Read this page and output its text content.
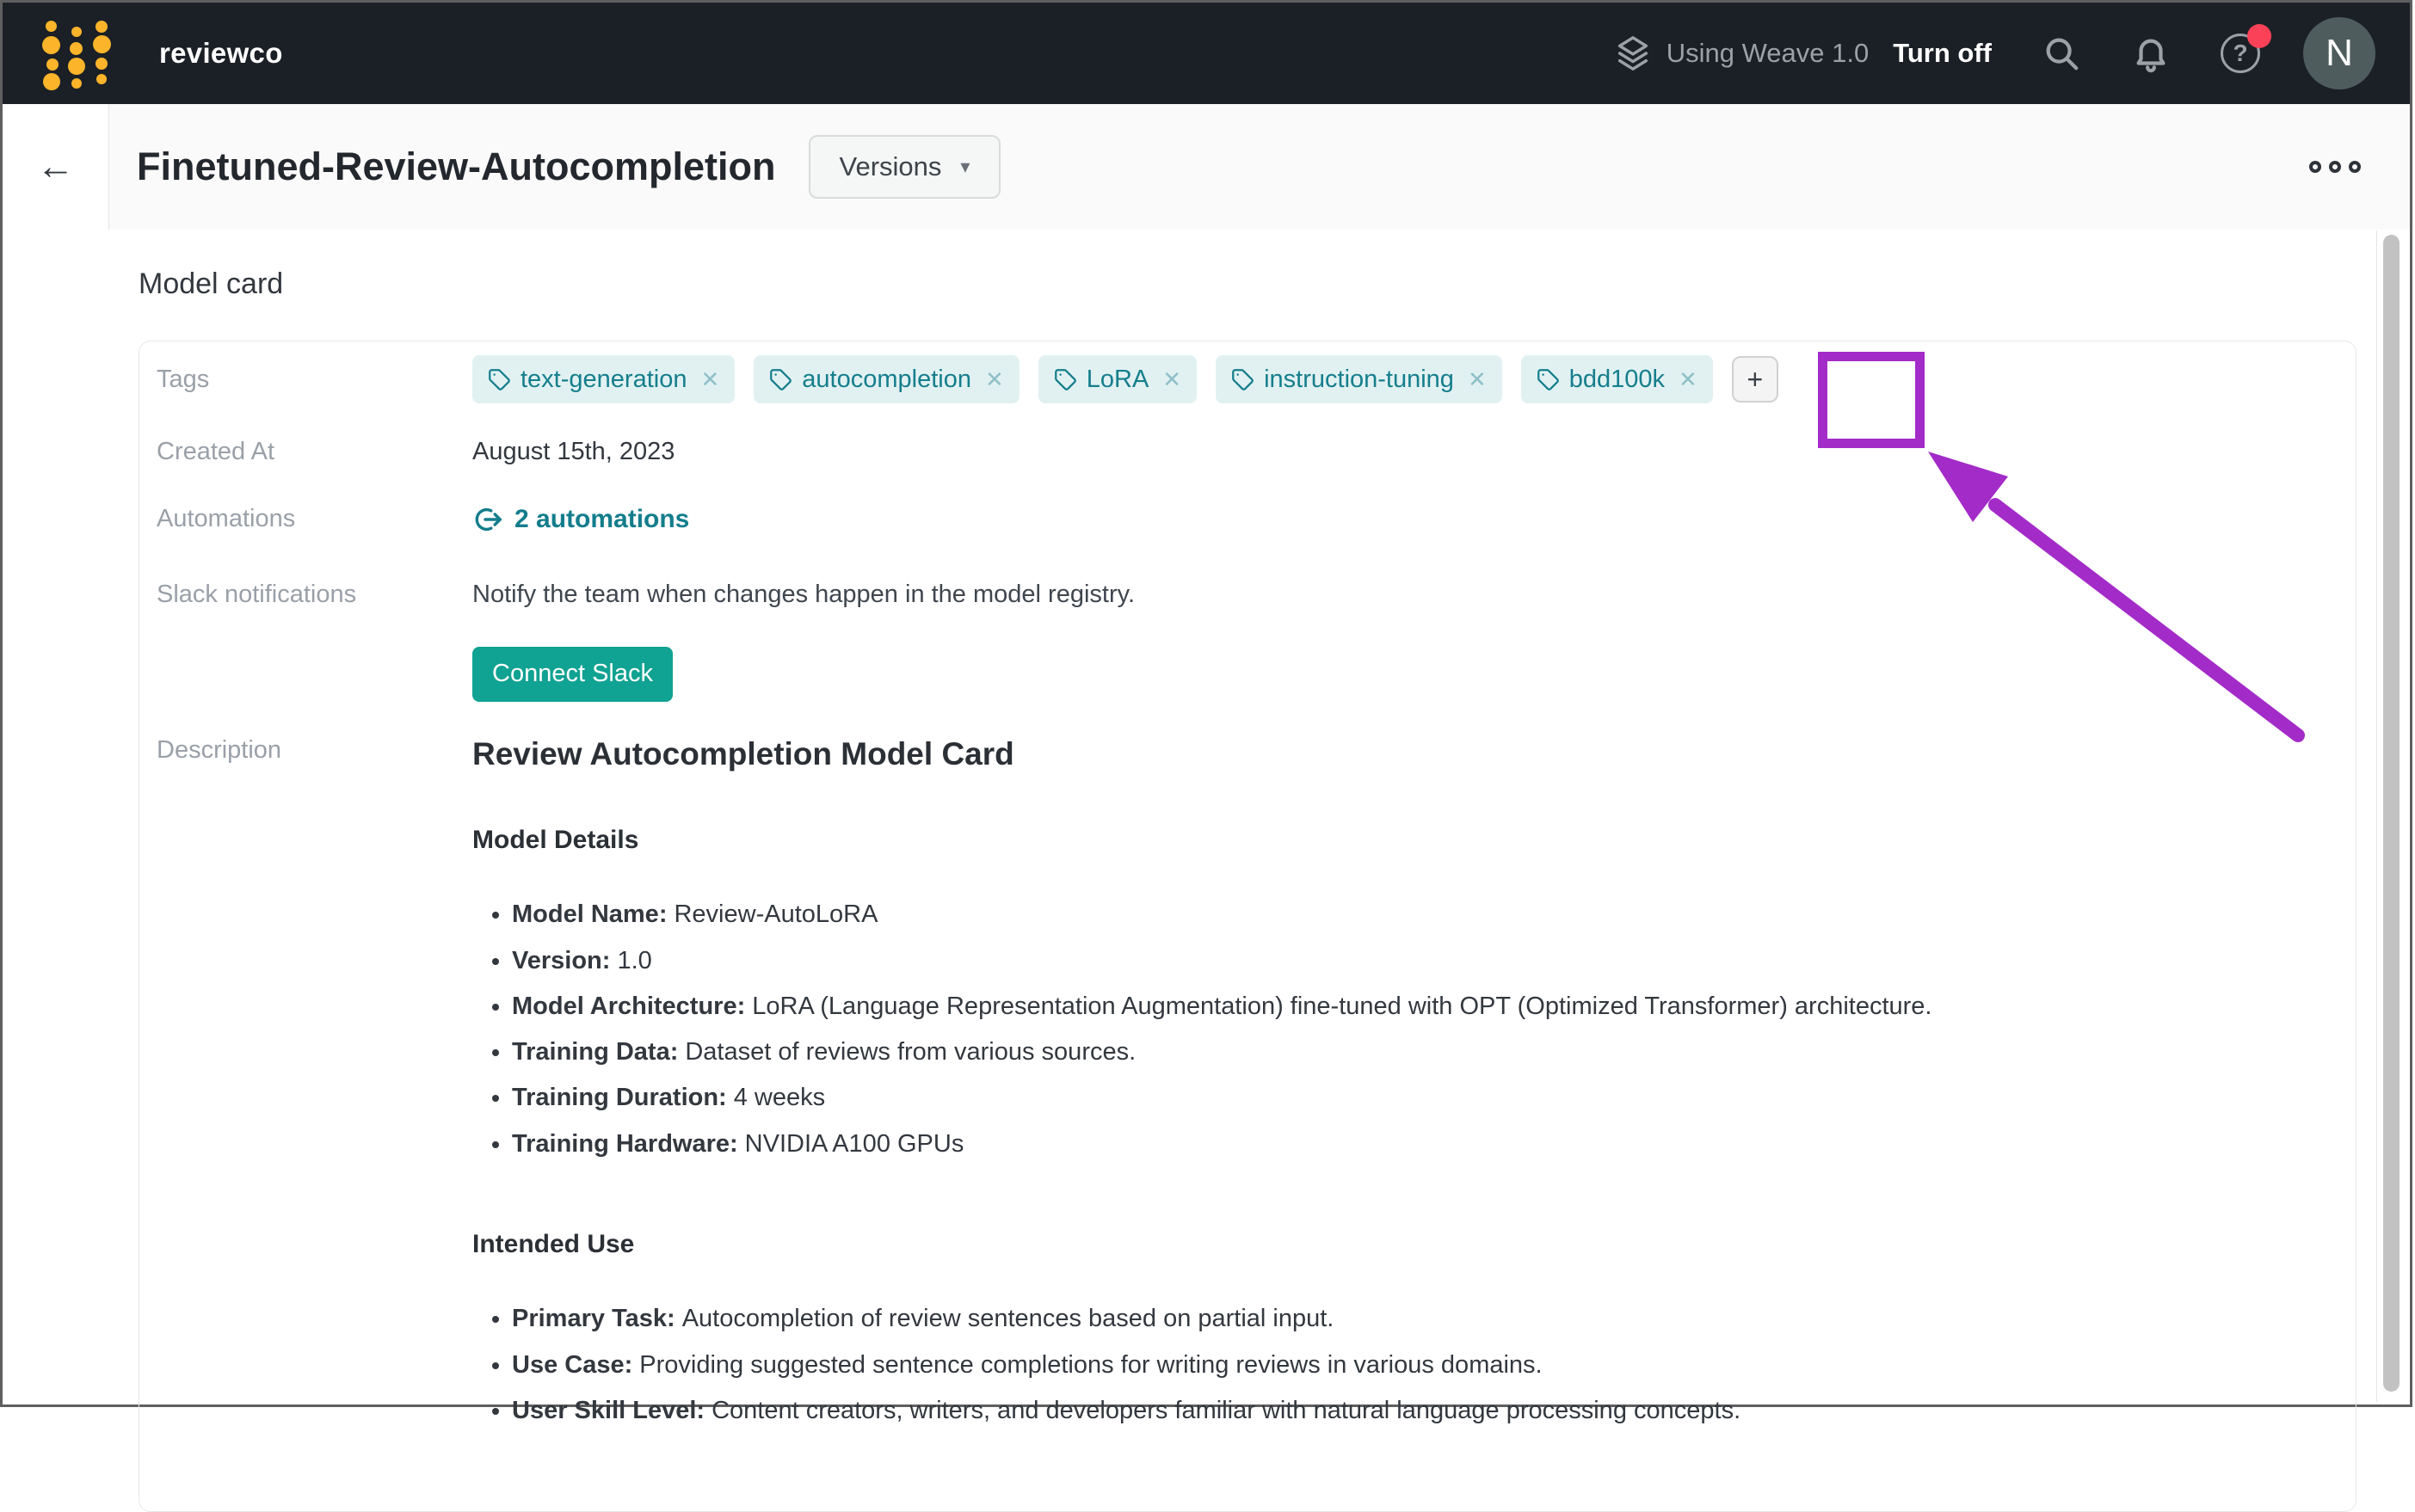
reviewco	Using Weave 1.0 Turn off	?	N
← Finetuned-Review-Autocompletion Versions ▾
Model card
Tags	text-generation ✕	autocompletion ✕	LoRA ✕	instruction-tuning ✕	bdd100k ✕	+
Created At	August 15th, 2023
Automations	2 automations
Slack notifications	Notify the team when changes happen in the model registry.
Connect Slack
Description	Review Autocompletion Model Card
Model Details
• Model Name: Review-AutoLoRA
• Version: 1.0
• Model Architecture: LoRA (Language Representation Augmentation) fine-tuned with OPT (Optimized Transformer) architecture.
• Training Data: Dataset of reviews from various sources.
• Training Duration: 4 weeks
• Training Hardware: NVIDIA A100 GPUs
Intended Use
• Primary Task: Autocompletion of review sentences based on partial input.
• Use Case: Providing suggested sentence completions for writing reviews in various domains.
• User Skill Level: Content creators, writers, and developers familiar with natural language processing concepts.
